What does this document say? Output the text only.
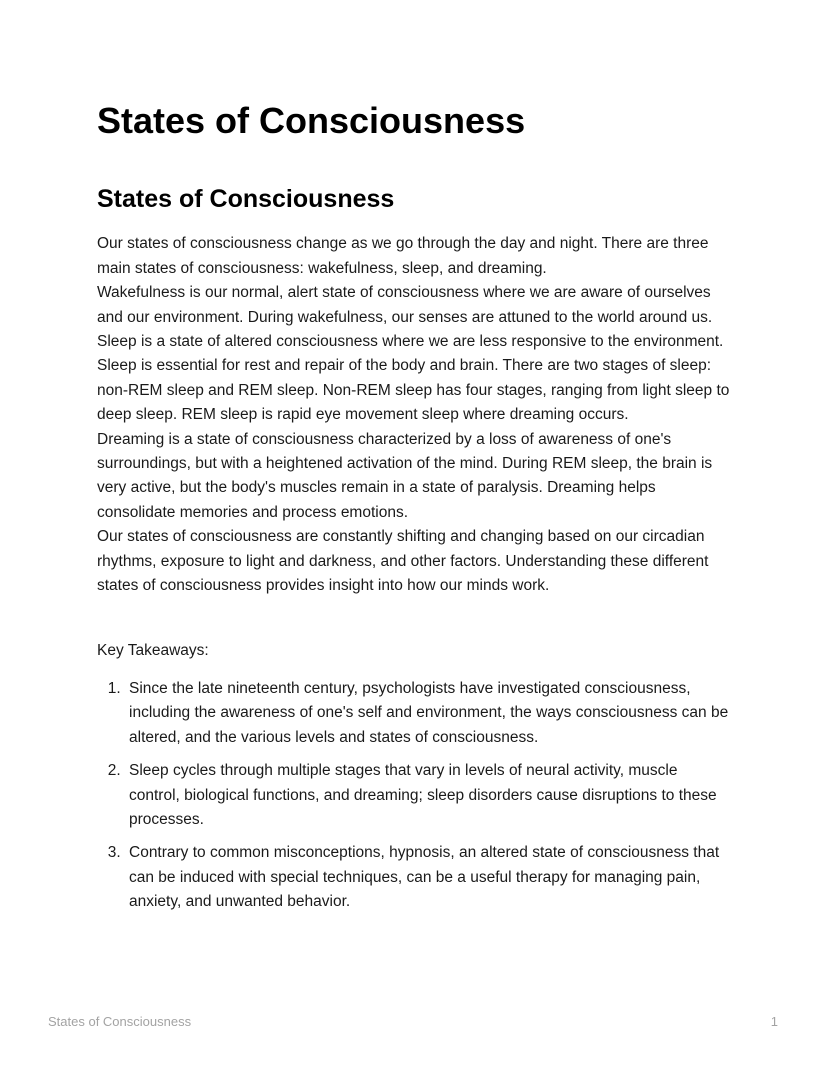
States of Consciousness
States of Consciousness

Our states of consciousness change as we go through the day and night. There are three main states of consciousness: wakefulness, sleep, and dreaming.

Wakefulness is our normal, alert state of consciousness where we are aware of ourselves and our environment. During wakefulness, our senses are attuned to the world around us.

Sleep is a state of altered consciousness where we are less responsive to the environment. Sleep is essential for rest and repair of the body and brain. There are two stages of sleep: non-REM sleep and REM sleep. Non-REM sleep has four stages, ranging from light sleep to deep sleep. REM sleep is rapid eye movement sleep where dreaming occurs.

Dreaming is a state of consciousness characterized by a loss of awareness of one's surroundings, but with a heightened activation of the mind. During REM sleep, the brain is very active, but the body's muscles remain in a state of paralysis. Dreaming helps consolidate memories and process emotions.

Our states of consciousness are constantly shifting and changing based on our circadian rhythms, exposure to light and darkness, and other factors. Understanding these different states of consciousness provides insight into how our minds work.

Key Takeaways:

1. Since the late nineteenth century, psychologists have investigated consciousness, including the awareness of one's self and environment, the ways consciousness can be altered, and the various levels and states of consciousness.
2. Sleep cycles through multiple stages that vary in levels of neural activity, muscle control, biological functions, and dreaming; sleep disorders cause disruptions to these processes.
3. Contrary to common misconceptions, hypnosis, an altered state of consciousness that can be induced with special techniques, can be a useful therapy for managing pain, anxiety, and unwanted behavior.
States of Consciousness	1
